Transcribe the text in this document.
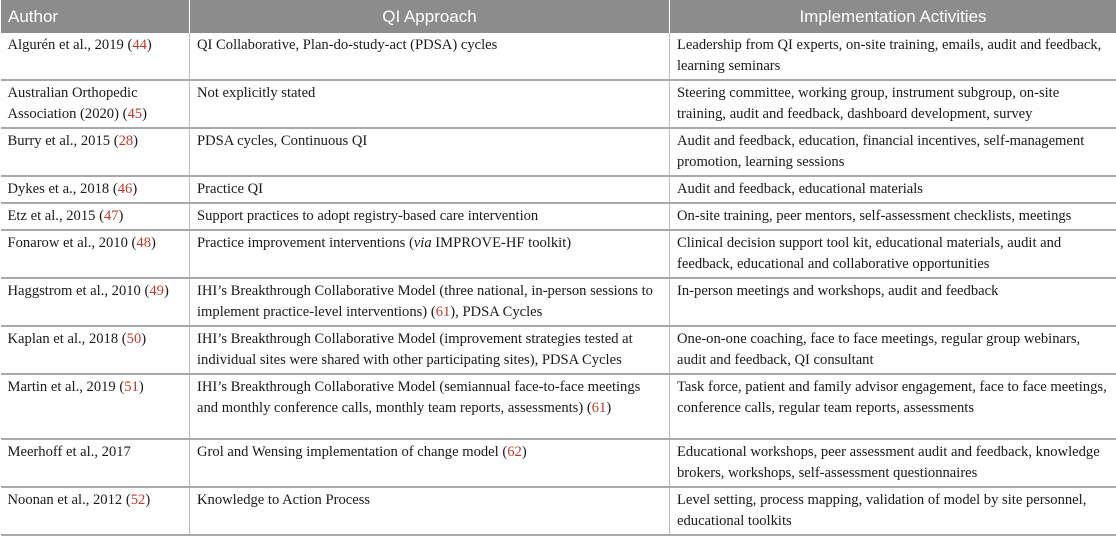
Author	QI Approach	Implementation Activities
Algurén et al., 2019 (44)	QI Collaborative, Plan-do-study-act (PDSA) cycles	Leadership from QI experts, on-site training, emails, audit and feedback, learning seminars
Australian Orthopedic Association (2020) (45)	Not explicitly stated	Steering committee, working group, instrument subgroup, on-site training, audit and feedback, dashboard development, survey
Burry et al., 2015 (28)	PDSA cycles, Continuous QI	Audit and feedback, education, financial incentives, self-management promotion, learning sessions
Dykes et a., 2018 (46)	Practice QI	Audit and feedback, educational materials
Etz et al., 2015 (47)	Support practices to adopt registry-based care intervention	On-site training, peer mentors, self-assessment checklists, meetings
Fonarow et al., 2010 (48)	Practice improvement interventions (via IMPROVE-HF toolkit)	Clinical decision support tool kit, educational materials, audit and feedback, educational and collaborative opportunities
Haggstrom et al., 2010 (49)	IHI’s Breakthrough Collaborative Model (three national, in-person sessions to implement practice-level interventions) (61), PDSA Cycles	In-person meetings and workshops, audit and feedback
Kaplan et al., 2018 (50)	IHI’s Breakthrough Collaborative Model (improvement strategies tested at individual sites were shared with other participating sites), PDSA Cycles	One-on-one coaching, face to face meetings, regular group webinars, audit and feedback, QI consultant
Martin et al., 2019 (51)	IHI’s Breakthrough Collaborative Model (semiannual face-to-face meetings and monthly conference calls, monthly team reports, assessments) (61)	Task force, patient and family advisor engagement, face to face meetings, conference calls, regular team reports, assessments
Meerhoff et al., 2017	Grol and Wensing implementation of change model (62)	Educational workshops, peer assessment audit and feedback, knowledge brokers, workshops, self-assessment questionnaires
Noonan et al., 2012 (52)	Knowledge to Action Process	Level setting, process mapping, validation of model by site personnel, educational toolkits
